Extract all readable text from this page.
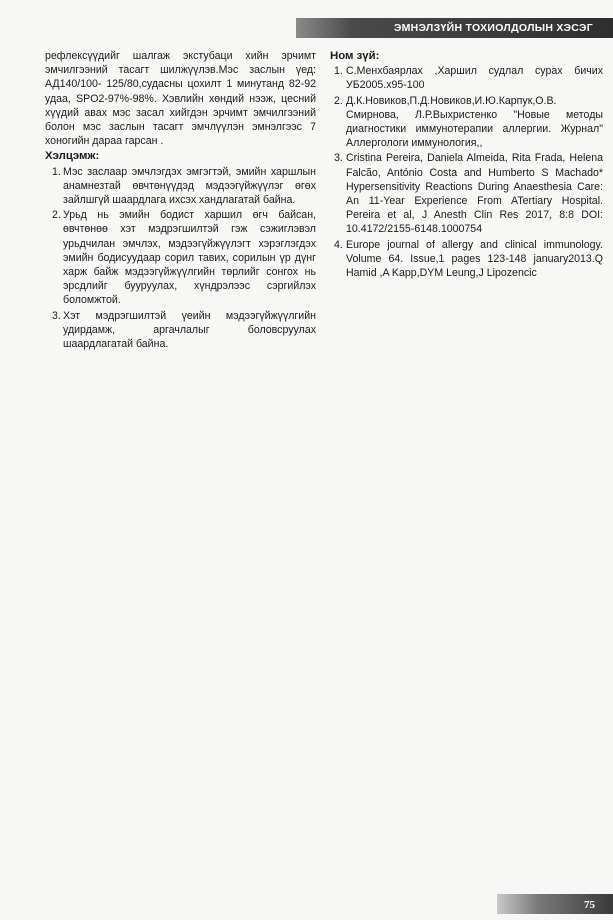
ЭМНЭЛЗҮЙН ТОХИОЛДОЛЫН ХЭСЭГ

рефлексүүдийг шалгаж экстубаци хийн эрчимт эмчилгээний тасагт шилжүүлэв.Мэс заслын үед: АД140/100- 125/80,судасны цохилт 1 минутанд 82-92 удаа, SPO2-97%-98%. Хэвлийн хөндий нээж, цесний хүүдий авах мэс засал хийгдэн эрчимт эмчилгээний болон мэс заслын тасагт эмчлүүлэн эмнэлгээс 7 хоногийн дараа гарсан .

Хэлцэмж:
1. Мэс заслаар эмчлэгдэх эмгэгтэй, эмийн харшлын анамнезтай өвчтөнүүдэд мэдээгүйжүүлэг өгөх зайлшгүй шаардлага ихсэх хандлагатай байна.
2. Урьд нь эмийн бодист харшил өгч байсан, өвчтөнөө хэт мэдрэгшилтэй гэж сэжиглэвэл урьдчилан эмчлэх, мэдээгүйжүүлэгт хэрэглэгдэх эмийн бодисуудаар сорил тавих, сорилын үр дүнг харж байж мэдээгүйжүүлгийн төрлийг сонгох нь эрсдлийг бууруулах, хүндрэлээс сэргийлэх боломжтой.
3. Хэт мэдрэгшилтэй үеийн мэдээгүйжүүлгийн удирдамж, аргачлалыг боловсруулах шаардлагатай байна.
Ном зүй:
1. С.Менхбаярлах ,Харшил судлал сурах бичих УБ2005.х95-100
2. Д.К.Новиков,П.Д.Новиков,И.Ю.Карпук,О.В. Смирнова, Л.Р.Выхристенко "Новые методы диагностики иммунотерапии аллергии. Журнал" Аллергологи иммунология,,
3. Cristina Pereira, Daniela Almeida, Rita Frada, Helena Falcão, António Costa and Humberto S Machado* Hypersensitivity Reactions During Anaesthesia Care: An 11-Year Experience From ATertiary Hospital. Pereira et al, J Anesth Clin Res 2017, 8:8 DOI: 10.4172/2155-6148.1000754
4. Europe journal of allergy and clinical immunology. Volume 64. Issue,1 pages 123-148 january2013.Q Hamid ,A Kapp,DYM Leung,J Lipozencic
75
